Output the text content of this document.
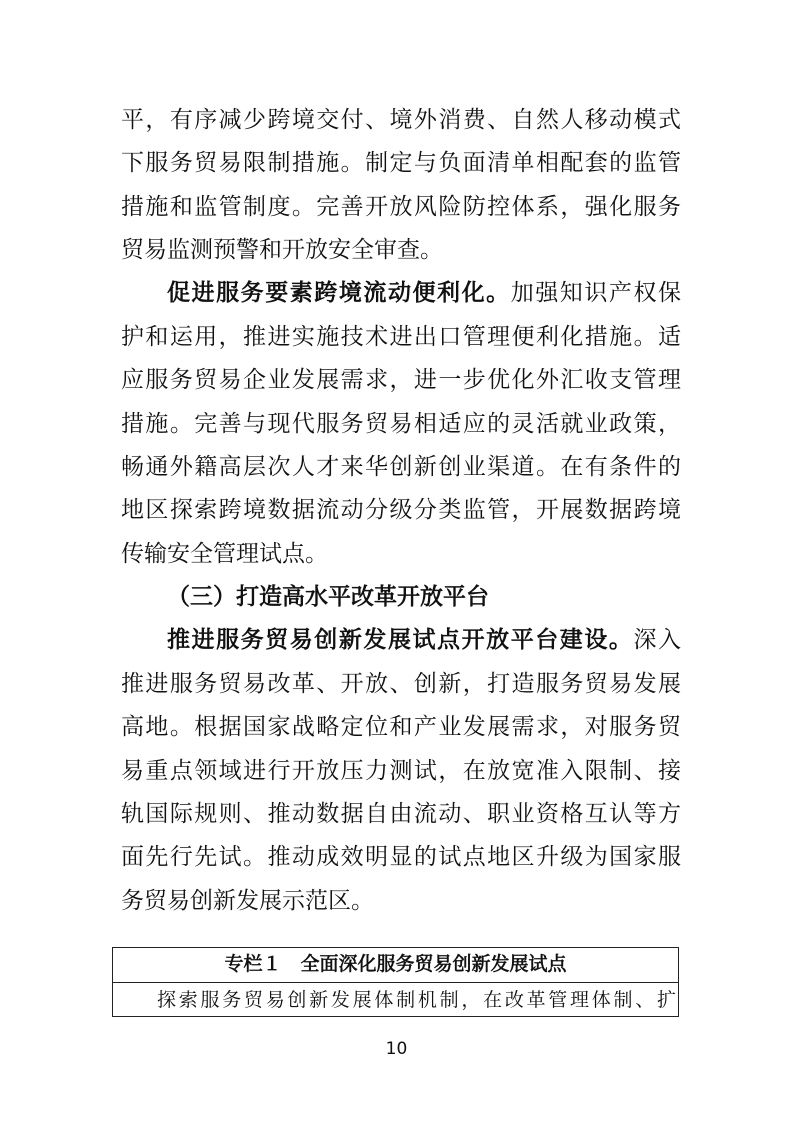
平，有序减少跨境交付、境外消费、自然人移动模式
下服务贸易限制措施。制定与负面清单相配套的监管
措施和监管制度。完善开放风险防控体系，强化服务
贸易监测预警和开放安全审查。
促进服务要素跨境流动便利化。加强知识产权保
护和运用，推进实施技术进出口管理便利化措施。适
应服务贸易企业发展需求，进一步优化外汇收支管理
措施。完善与现代服务贸易相适应的灵活就业政策，
畅通外籍高层次人才来华创新创业渠道。在有条件的
地区探索跨境数据流动分级分类监管，开展数据跨境
传输安全管理试点。
（三）打造高水平改革开放平台
推进服务贸易创新发展试点开放平台建设。深入
推进服务贸易改革、开放、创新，打造服务贸易发展
高地。根据国家战略定位和产业发展需求，对服务贸
易重点领域进行开放压力测试，在放宽准入限制、接
轨国际规则、推动数据自由流动、职业资格互认等方
面先行先试。推动成效明显的试点地区升级为国家服
务贸易创新发展示范区。
专栏１　全面深化服务贸易创新发展试点
探索服务贸易创新发展体制机制，在改革管理体制、扩
10
